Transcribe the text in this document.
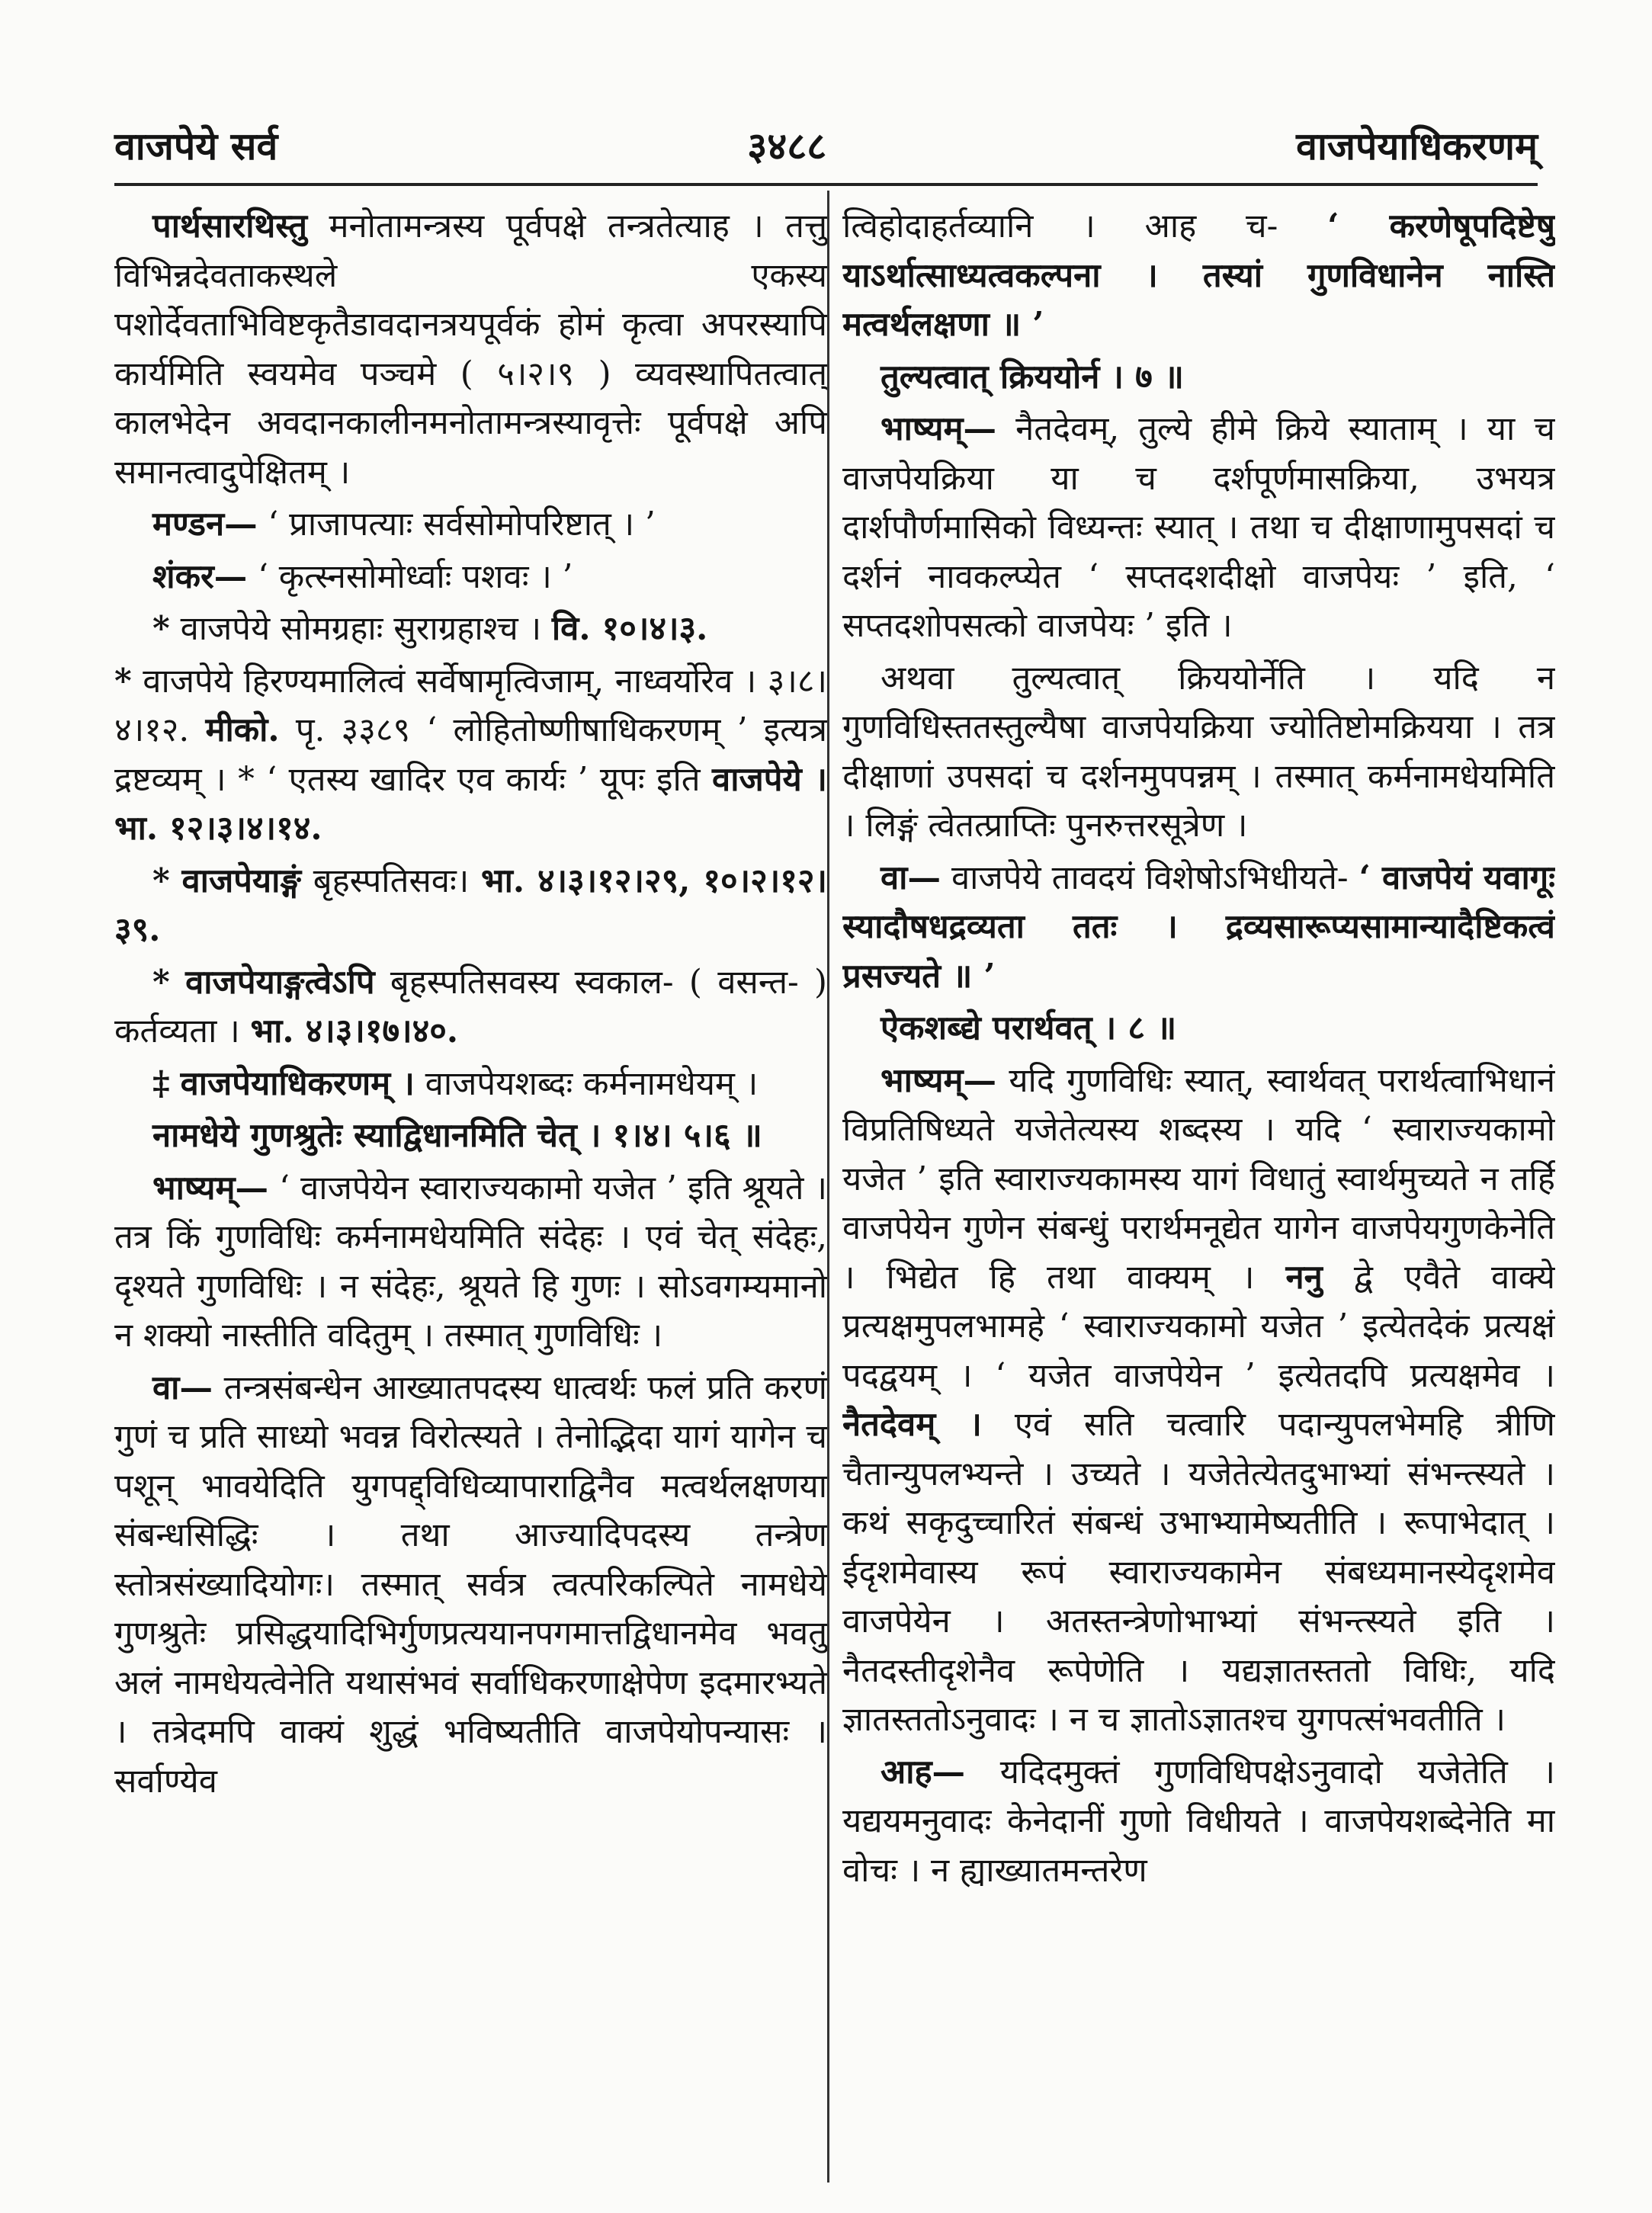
वाजपेये सर्व	३४८८	वाजपेयाधिकरणम्

पार्थसारथिस्तु मनोतामन्त्रस्य पूर्वपक्षे तन्त्रतेत्याह । तत्तु विभिन्नदेवताकस्थले एकस्य पशोर्देवताभिविष्टकृतैडावदानत्रयपूर्वकं होमं कृत्वा अपरस्यापि कार्यमिति स्वयमेव पञ्चमे ( ५।२।९ ) व्यवस्थापितत्वात् कालभेदेन अवदानकालीनमनोतामन्त्रस्यावृत्तेः पूर्वपक्षे अपि समानत्वादुपेक्षितम् ।

मण्डन— ‘ प्राजापत्याः सर्वसोमोपरिष्टात् । ’

शंकर— ‘ कृत्स्नसोमोर्ध्वाः पशवः । ’

* वाजपेये सोमग्रहाः सुराग्रहाश्च । वि. १०।४।३.

* वाजपेये हिरण्यमालित्वं सर्वेषामृत्विजाम्, नाध्वर्योरेव । ३।८।४।१२. मीको. पृ. ३३८९ ‘ लोहितोष्णीषाधिकरणम् ’ इत्यत्र द्रष्टव्यम् । * ‘ एतस्य खादिर एव कार्यः ’ यूपः इति वाजपेये । भा. १२।३।४।१४.

* वाजपेयाङ्गं बृहस्पतिसवः। भा. ४।३।१२।२९, १०।२।१२।३९.

* वाजपेयाङ्गत्वेऽपि बृहस्पतिसवस्य स्वकाल- ( वसन्त- ) कर्तव्यता । भा. ४।३।१७।४०.

‡ वाजपेयाधिकरणम् । वाजपेयशब्दः कर्मनामधेयम् ।

नामधेये गुणश्रुतेः स्याद्विधानमिति चेत् । १।४। ५।६ ॥

भाष्यम्— ‘ वाजपेयेन स्वाराज्यकामो यजेत ’ इति श्रूयते । तत्र किं गुणविधिः कर्मनामधेयमिति संदेहः । एवं चेत् संदेहः, दृश्यते गुणविधिः । न संदेहः, श्रूयते हि गुणः । सोऽवगम्यमानो न शक्यो नास्तीति वदितुम् । तस्मात् गुणविधिः ।

वा— तन्त्रसंबन्धेन आख्यातपदस्य धात्वर्थः फलं प्रति करणं गुणं च प्रति साध्यो भवन्न विरोत्स्यते । तेनोद्भिदा यागं यागेन च पशून् भावयेदिति युगपद्द्विधिव्यापाराद्विनैव मत्वर्थलक्षणया संबन्धसिद्धिः । तथा आज्यादिपदस्य तन्त्रेण स्तोत्रसंख्यादियोगः। तस्मात् सर्वत्र त्वत्परिकल्पिते नामधेये गुणश्रुतेः प्रसिद्धयादिभिर्गुणप्रत्ययानपगमात्तद्विधानमेव भवतु अलं नामधेयत्वेनेति यथासंभवं सर्वाधिकरणाक्षेपेण इदमारभ्यते । तत्रेदमपि वाक्यं शुद्धं भविष्यतीति वाजपेयोपन्यासः । सर्वाण्येव

त्विहोदाहर्तव्यानि । आह च- ‘ करणेषूपदिष्टेषु याऽर्थात्साध्यत्वकल्पना । तस्यां गुणविधानेन नास्ति मत्वर्थलक्षणा ॥ ’

तुल्यत्वात् क्रिययोर्न । ७ ॥

भाष्यम्— नैतदेवम्, तुल्ये हीमे क्रिये स्याताम् । या च वाजपेयक्रिया या च दर्शपूर्णमासक्रिया, उभयत्र दार्शपौर्णमासिको विध्यन्तः स्यात् । तथा च दीक्षाणामुपसदां च दर्शनं नावकल्प्येत ‘ सप्तदशदीक्षो वाजपेयः ’ इति, ‘ सप्तदशोपसत्को वाजपेयः ’ इति ।

अथवा तुल्यत्वात् क्रिययोर्नेति । यदि न गुणविधिस्ततस्तुल्यैषा वाजपेयक्रिया ज्योतिष्टोमक्रियया । तत्र दीक्षाणां उपसदां च दर्शनमुपपन्नम् । तस्मात् कर्मनामधेयमिति । लिङ्गं त्वेतत्प्राप्तिः पुनरुत्तरसूत्रेण ।

वा— वाजपेये तावदयं विशेषोऽभिधीयते- ‘ वाजपेयं यवागूः स्यादौषधद्रव्यता ततः । द्रव्यसारूप्यसामान्यादैष्टिकत्वं प्रसज्यते ॥ ’

ऐकशब्द्ये परार्थवत् । ८ ॥

भाष्यम्— यदि गुणविधिः स्यात्, स्वार्थवत् परार्थत्वाभिधानं विप्रतिषिध्यते यजेतेत्यस्य शब्दस्य । यदि ‘ स्वाराज्यकामो यजेत ’ इति स्वाराज्यकामस्य यागं विधातुं स्वार्थमुच्यते न तर्हि वाजपेयेन गुणेन संबन्धुं परार्थमनूद्येत यागेन वाजपेयगुणकेनेति । भिद्येत हि तथा वाक्यम् । ननु द्वे एवैते वाक्ये प्रत्यक्षमुपलभामहे ‘ स्वाराज्यकामो यजेत ’ इत्येतदेकं प्रत्यक्षं पदद्वयम् । ‘ यजेत वाजपेयेन ’ इत्येतदपि प्रत्यक्षमेव । नैतदेवम् । एवं सति चत्वारि पदान्युपलभेमहि त्रीणि चैतान्युपलभ्यन्ते । उच्यते । यजेतेत्येतदुभाभ्यां संभन्त्स्यते । कथं सकृदुच्चारितं संबन्धं उभाभ्यामेष्यतीति । रूपाभेदात् । ईदृशमेवास्य रूपं स्वाराज्यकामेन संबध्यमानस्येदृशमेव वाजपेयेन । अतस्तन्त्रेणोभाभ्यां संभन्त्स्यते इति । नैतदस्तीदृशेनैव रूपेणेति । यद्यज्ञातस्ततो विधिः, यदि ज्ञातस्ततोऽनुवादः । न च ज्ञातोऽज्ञातश्च युगपत्संभवतीति ।

आह— यदिदमुक्तं गुणविधिपक्षेऽनुवादो यजेतेति । यद्ययमनुवादः केनेदानीं गुणो विधीयते । वाजपेयशब्देनेति मा वोचः । न ह्याख्यातमन्तरेण
